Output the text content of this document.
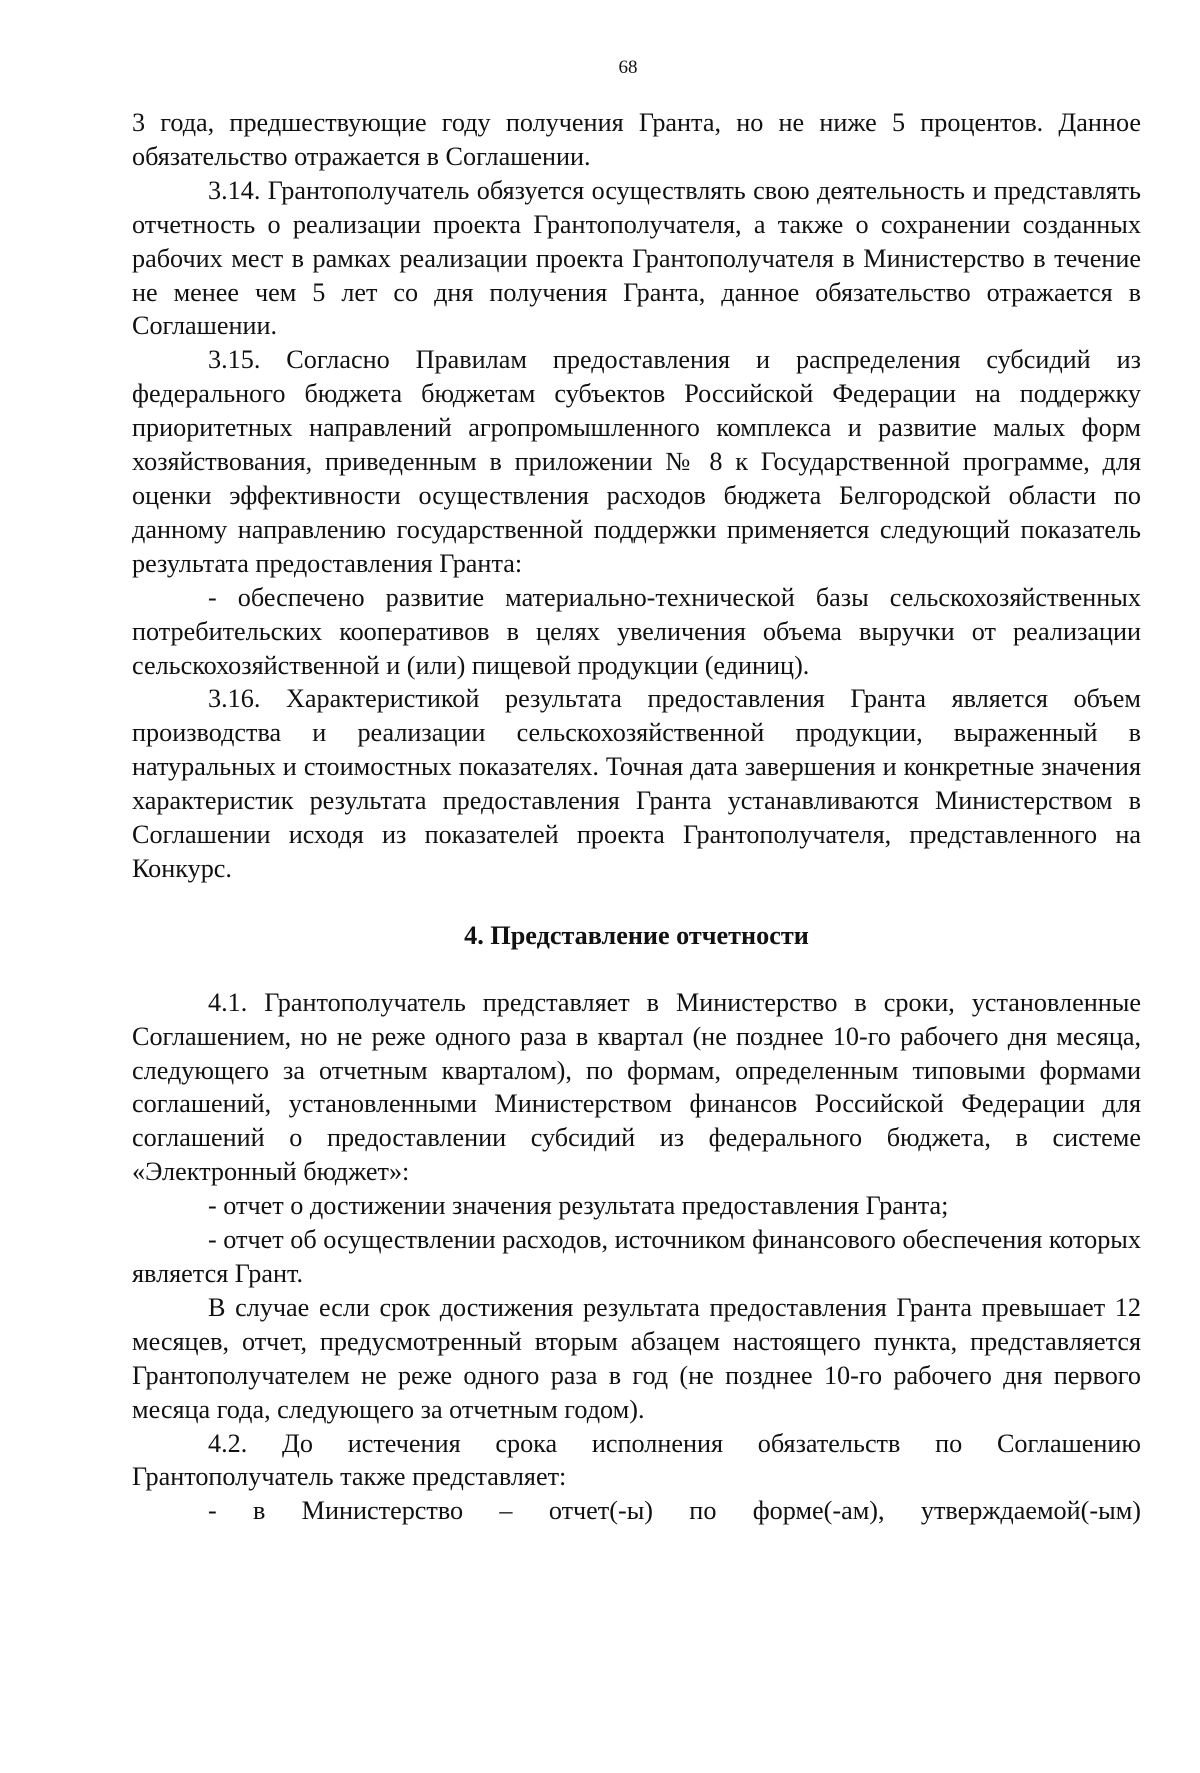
68

3 года, предшествующие году получения Гранта, но не ниже 5 процентов. Данное обязательство отражается в Соглашении.

3.14. Грантополучатель обязуется осуществлять свою деятельность и представлять отчетность о реализации проекта Грантополучателя, а также о сохранении созданных рабочих мест в рамках реализации проекта Грантополучателя в Министерство в течение не менее чем 5 лет со дня получения Гранта, данное обязательство отражается в Соглашении.

3.15. Согласно Правилам предоставления и распределения субсидий из федерального бюджета бюджетам субъектов Российской Федерации на поддержку приоритетных направлений агропромышленного комплекса и развитие малых форм хозяйствования, приведенным в приложении № 8 к Государственной программе, для оценки эффективности осуществления расходов бюджета Белгородской области по данному направлению государственной поддержки применяется следующий показатель результата предоставления Гранта:

- обеспечено развитие материально-технической базы сельскохозяйственных потребительских кооперативов в целях увеличения объема выручки от реализации сельскохозяйственной и (или) пищевой продукции (единиц).

3.16. Характеристикой результата предоставления Гранта является объем производства и реализации сельскохозяйственной продукции, выраженный в натуральных и стоимостных показателях. Точная дата завершения и конкретные значения характеристик результата предоставления Гранта устанавливаются Министерством в Соглашении исходя из показателей проекта Грантополучателя, представленного на Конкурс.

4. Представление отчетности

4.1. Грантополучатель представляет в Министерство в сроки, установленные Соглашением, но не реже одного раза в квартал (не позднее 10-го рабочего дня месяца, следующего за отчетным кварталом), по формам, определенным типовыми формами соглашений, установленными Министерством финансов Российской Федерации для соглашений о предоставлении субсидий из федерального бюджета, в системе «Электронный бюджет»:

- отчет о достижении значения результата предоставления Гранта;

- отчет об осуществлении расходов, источником финансового обеспечения которых является Грант.

В случае если срок достижения результата предоставления Гранта превышает 12 месяцев, отчет, предусмотренный вторым абзацем настоящего пункта, представляется Грантополучателем не реже одного раза в год (не позднее 10-го рабочего дня первого месяца года, следующего за отчетным годом).

4.2. До истечения срока исполнения обязательств по Соглашению Грантополучатель также представляет:

- в Министерство – отчет(-ы) по форме(-ам), утверждаемой(-ым)
